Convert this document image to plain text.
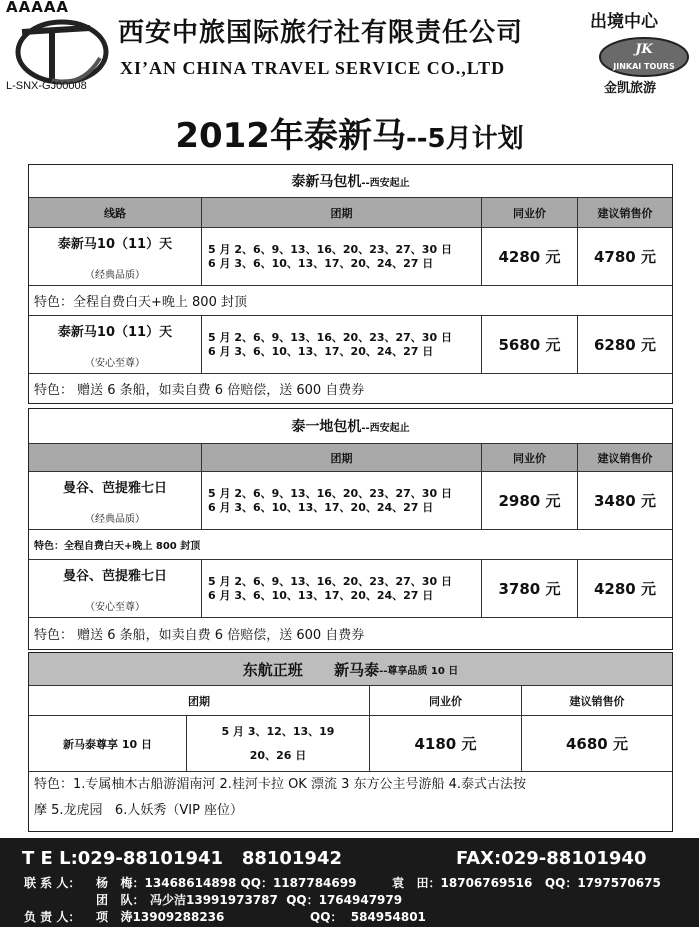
AAAAA
西安中旅国际旅行社有限责任公司
XI’AN CHINA TRAVEL SERVICE CO.,LTD
L-SNX-GJ00008
出境中心
JK
JINKAI TOURS
金凯旅游
2012年泰新马--5月计划
泰新马包机 --西安起止
线路	团期	同业价	建议销售价
泰新马10（11）天
（经典品质）
5 月 2、6、9、13、16、20、23、27、30 日
6 月 3、6、10、13、17、20、24、27 日	4280 元	4780 元
特色：全程自费白天+晚上 800 封顶
泰新马10（11）天
（安心至尊）
5 月 2、6、9、13、16、20、23、27、30 日
6 月 3、6、10、13、17、20、24、27 日	5680 元	6280 元
特色： 赠送 6 条船，如卖自费 6 倍赔偿，送 600 自费券
泰一地包机 --西安起止
团期	同业价	建议销售价
曼谷、芭提雅七日
（经典品质）
5 月 2、6、9、13、16、20、23、27、30 日
6 月 3、6、10、13、17、20、24、27 日	2980 元	3480 元
特色：全程自费白天+晚上 800 封顶
曼谷、芭提雅七日
（安心至尊）
5 月 2、6、9、13、16、20、23、27、30 日
6 月 3、6、10、13、17、20、24、27 日	3780 元	4280 元
特色： 赠送 6 条船，如卖自费 6 倍赔偿，送 600 自费券
东航正班      新马泰 --尊享品质 10 日
团期	同业价	建议销售价
新马泰尊享 10 日
5 月 3、12、13、19
20、26 日
4180 元	4680 元
特色：1.专属柚木古船游湄南河 2.桂河卡拉 OK 漂流 3 东方公主号游船 4.泰式古法按
摩 5.龙虎园   6.人妖秀（VIP 座位）
T E L:029-88101941   88101942	FAX:029-88101940
联 系 人： 杨   梅：13468614898 QQ：1187784699	袁   田：18706769516   QQ：1797570675
团   队： 冯少洁13991973787  QQ：1764947979
负 责 人： 项   涛13909288236	QQ：  584954801
